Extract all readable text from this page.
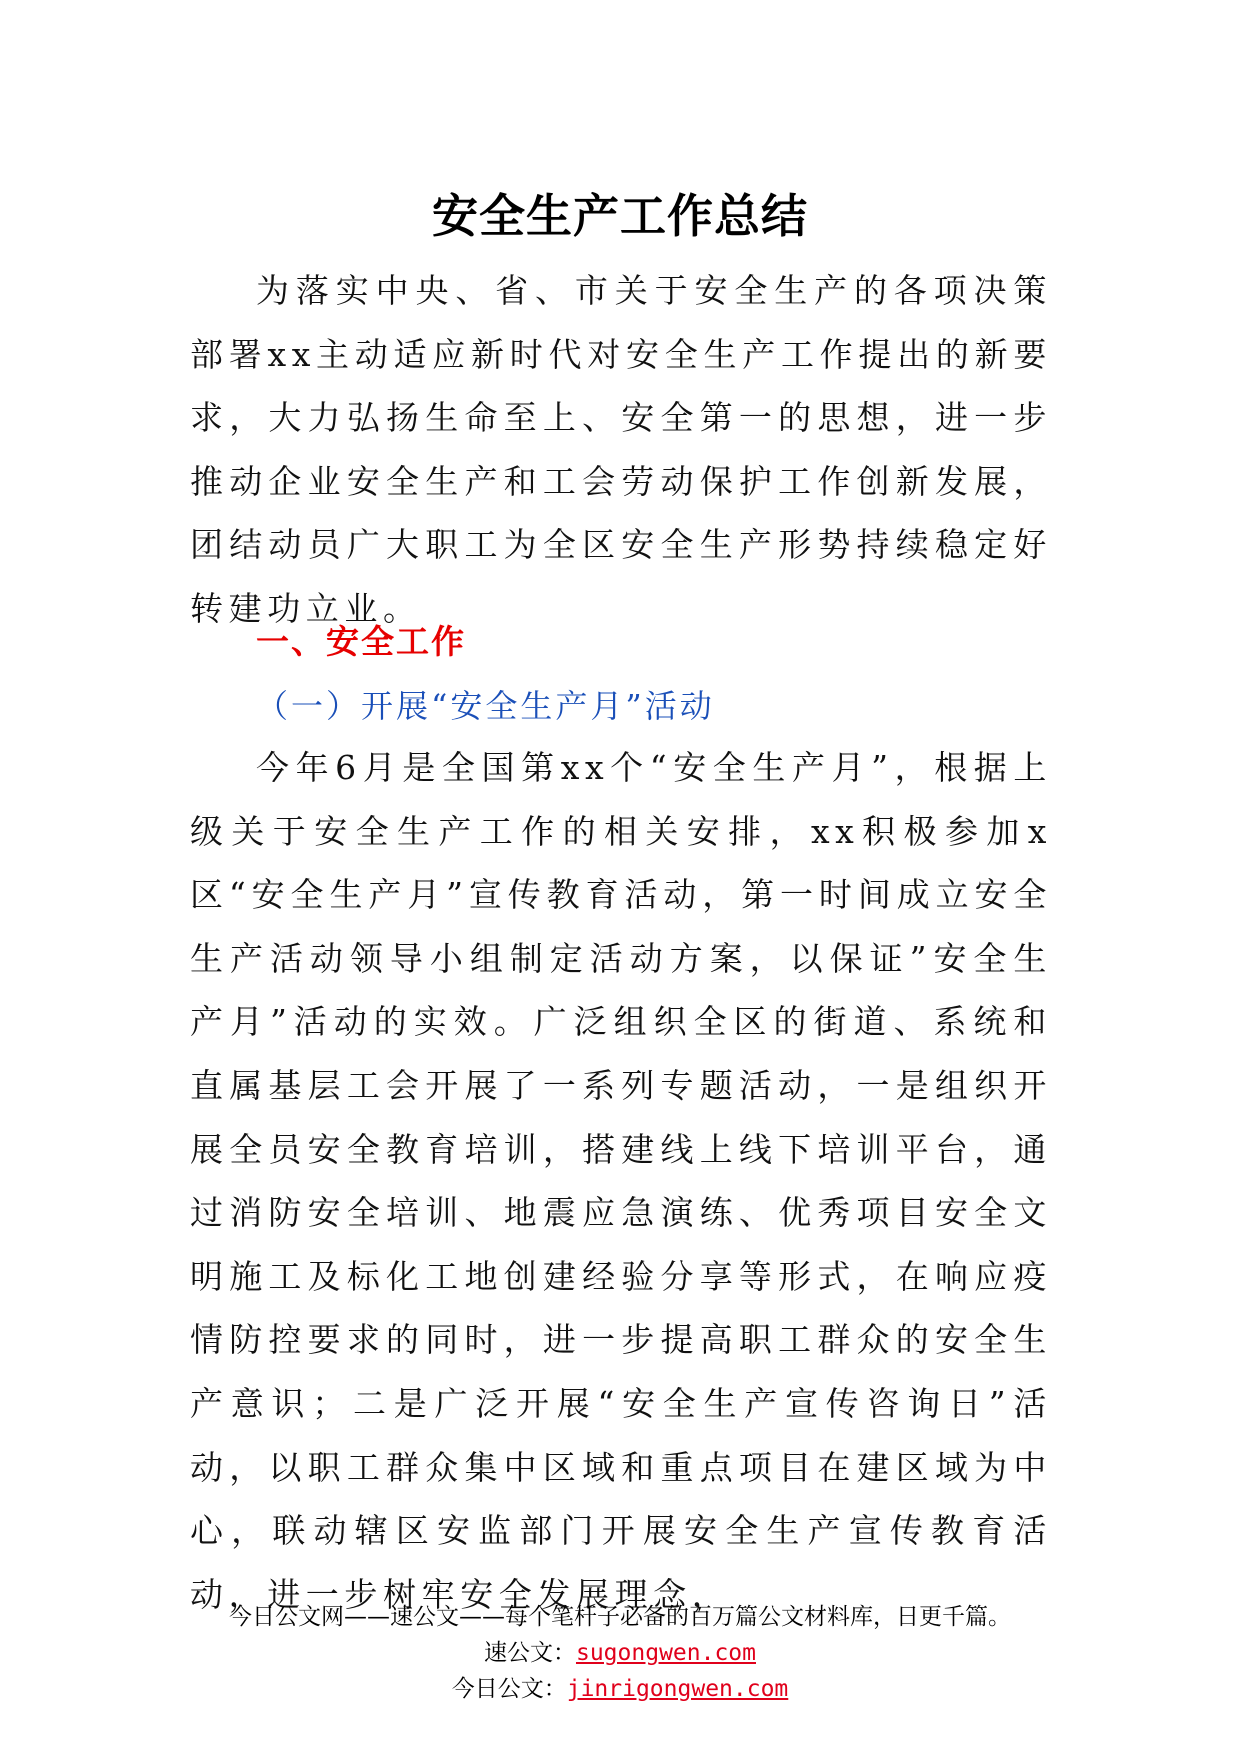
安全生产工作总结

为落实中央、省、市关于安全生产的各项决策部署xx主动适应新时代对安全生产工作提出的新要求，大力弘扬生命至上、安全第一的思想，进一步推动企业安全生产和工会劳动保护工作创新发展，团结动员广大职工为全区安全生产形势持续稳定好转建功立业。

一、安全工作
（一）开展“安全生产月”活动

今年6月是全国第xx个“安全生产月”，根据上级关于安全生产工作的相关安排，xx积极参加x区“安全生产月”宣传教育活动，第一时间成立安全生产活动领导小组制定活动方案，以保证”安全生产月”活动的实效。广泛组织全区的街道、系统和直属基层工会开展了一系列专题活动，一是组织开展全员安全教育培训，搭建线上线下培训平台，通过消防安全培训、地震应急演练、优秀项目安全文明施工及标化工地创建经验分享等形式，在响应疫情防控要求的同时，进一步提高职工群众的安全生产意识；二是广泛开展“安全生产宣传咨询日”活动，以职工群众集中区域和重点项目在建区域为中心，联动辖区安监部门开展安全生产宣传教育活动，进一步树牢安全发展理念，

今日公文网——速公文——每个笔杆子必备的百万篇公文材料库，日更千篇。
速公文：sugongwen.com
今日公文：jinrigongwen.com
